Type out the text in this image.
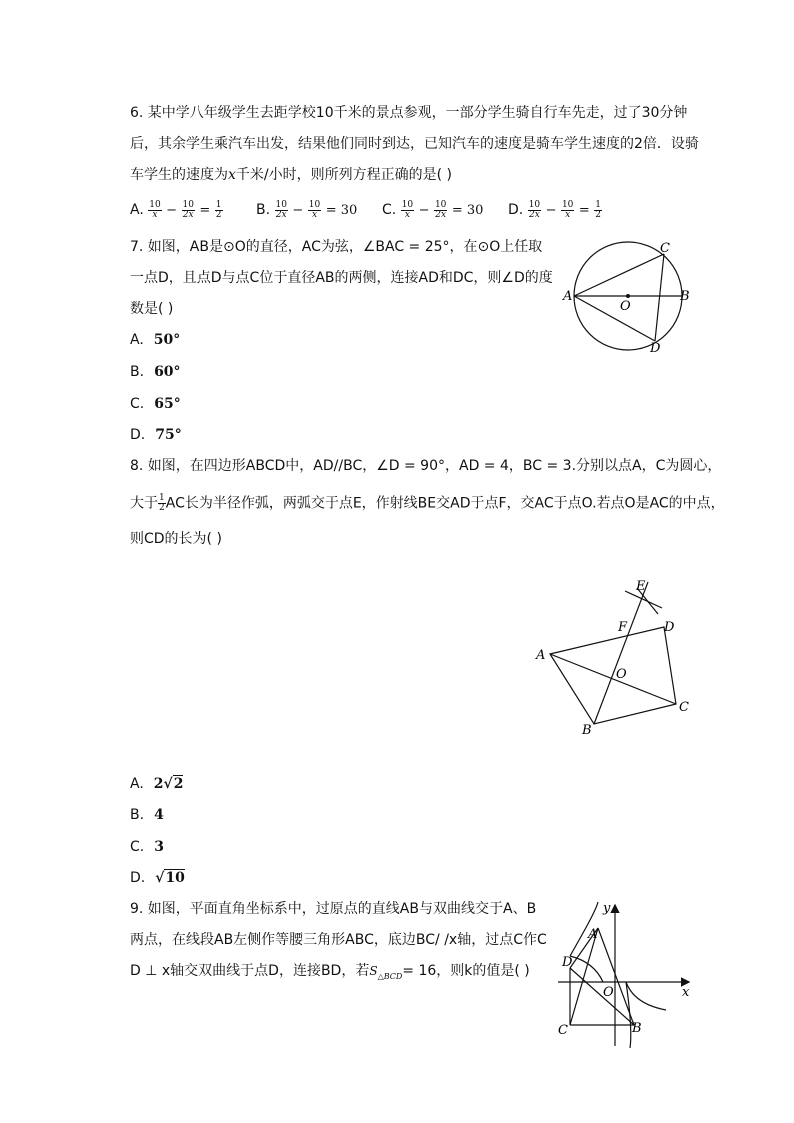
6. 某中学八年级学生去距学校10千米的景点参观，一部分学生骑自行车先走，过了30分钟
后，其余学生乘汽车出发，结果他们同时到达，已知汽车的速度是骑车学生速度的2倍．设骑
车学生的速度为x千米/小时，则所列方程正确的是( )
A. $\frac{10}{x} - \frac{10}{2x} = \frac{1}{2} B$. $\frac{10}{2x} - \frac{10}{x} = 30$ C. $\frac{10}{x} - \frac{10}{2x} = 30$ D. $\frac{10}{2x} - \frac{10}{x} = \frac{1}{2}$
7. 如图，AB是⊙O的直径，AC为弦，∠BAC = 25°，在⊙O上任取
一点D，且点D与点C位于直径AB的两侧，连接AD和DC，则∠D的度
数是( )
A. 50°
B. 60°
C. 65°
D. 75°
A	B
C
D
O
8. 如图，在四边形ABCD中，AD//BC，∠D = 90°，AD = 4，BC = 3.分别以点A，C为圆心，
大于 $\frac{1}{2}$ AC长为半径作弧，两弧交于点E，作射线BE交AD于点F，交AC于点O.若点O是AC的中点，
则CD的长为( )
A
B
C
D
E
F
O
A. 2√2
B. 4
C. 3
D. √10
9. 如图，平面直角坐标系中，过原点的直线AB与双曲线交于A、B
两点，在线段AB左侧作等腰三角形ABC，底边BC/ /x轴，过点C作C
D ⊥ x轴交双曲线于点D，连接BD，若$S_{\triangle BCD}= 16$，则k的值是( )
A
B
C
D
O	x
y
